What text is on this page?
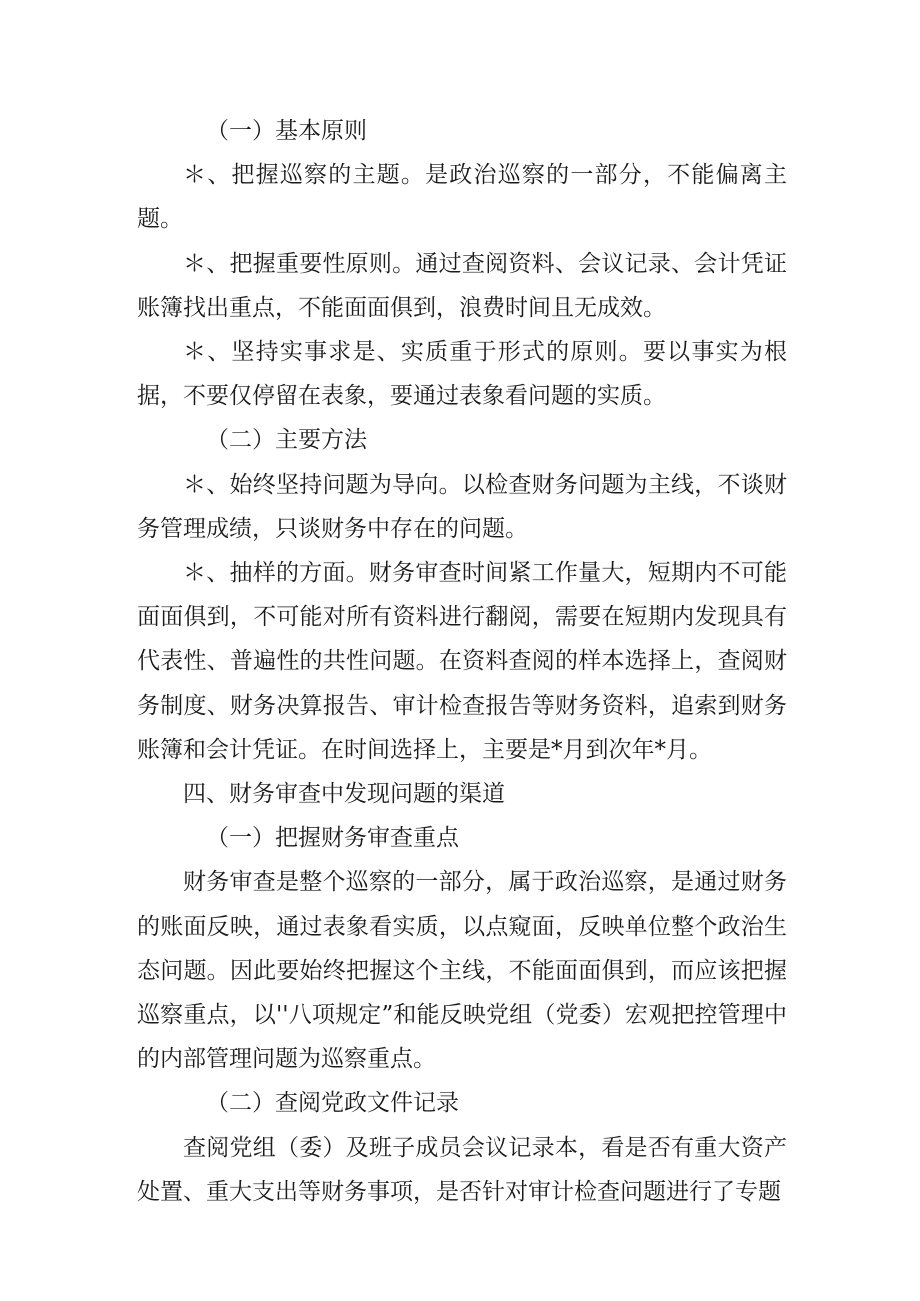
（一）基本原则

＊、把握巡察的主题。是政治巡察的一部分，不能偏离主题。

＊、把握重要性原则。通过查阅资料、会议记录、会计凭证账簿找出重点，不能面面俱到，浪费时间且无成效。

＊、坚持实事求是、实质重于形式的原则。要以事实为根据，不要仅停留在表象，要通过表象看问题的实质。

（二）主要方法

＊、始终坚持问题为导向。以检查财务问题为主线，不谈财务管理成绩，只谈财务中存在的问题。

＊、抽样的方面。财务审查时间紧工作量大，短期内不可能面面俱到，不可能对所有资料进行翻阅，需要在短期内发现具有代表性、普遍性的共性问题。在资料查阅的样本选择上，查阅财务制度、财务决算报告、审计检查报告等财务资料，追索到财务账簿和会计凭证。在时间选择上，主要是*月到次年*月。

四、财务审查中发现问题的渠道

（一）把握财务审查重点

财务审查是整个巡察的一部分，属于政治巡察，是通过财务的账面反映，通过表象看实质，以点窥面，反映单位整个政治生态问题。因此要始终把握这个主线，不能面面俱到，而应该把握巡察重点，以''八项规定”和能反映党组（党委）宏观把控管理中的内部管理问题为巡察重点。

（二）查阅党政文件记录

查阅党组（委）及班子成员会议记录本，看是否有重大资产处置、重大支出等财务事项，是否针对审计检查问题进行了专题
